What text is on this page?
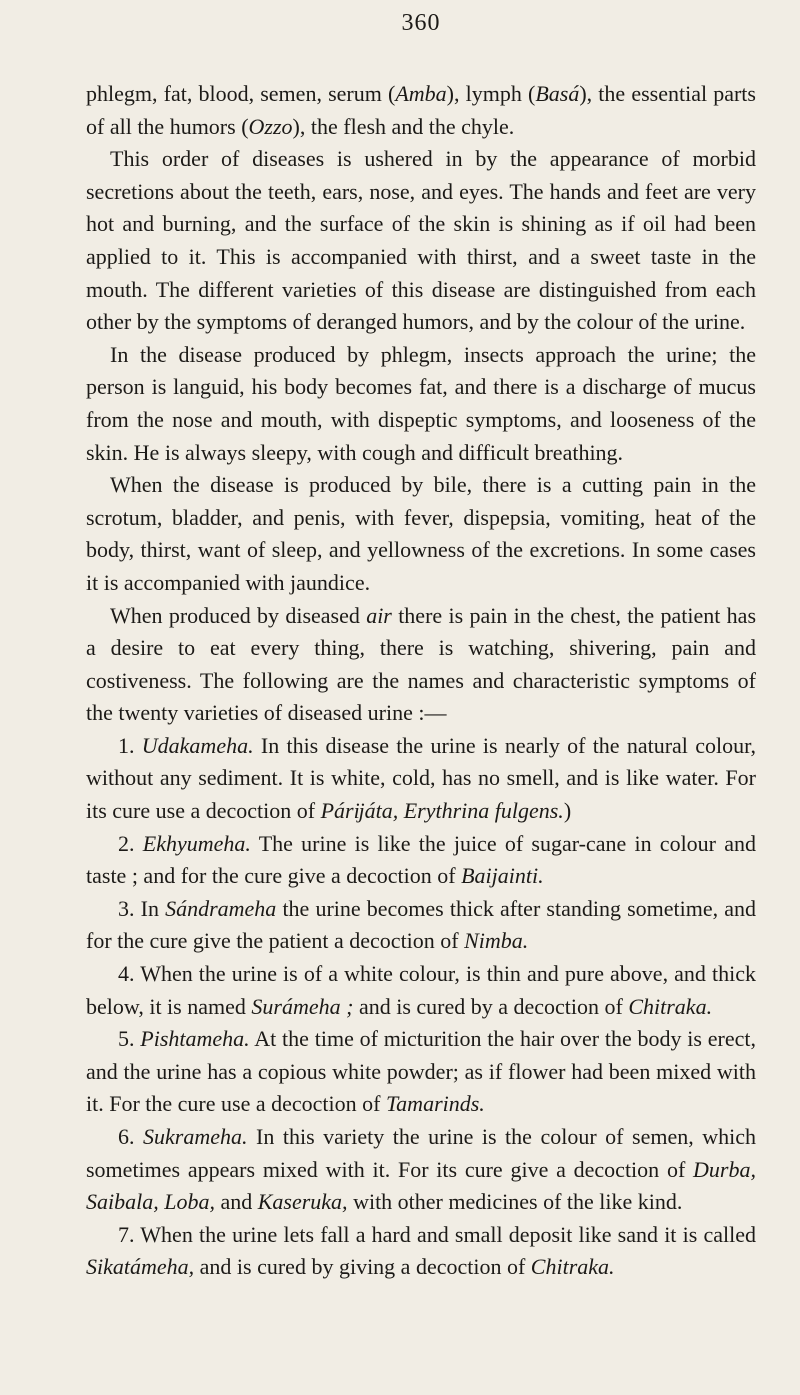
360

phlegm, fat, blood, semen, serum (Amba), lymph (Basá), the essential parts of all the humors (Ozzo), the flesh and the chyle.

This order of diseases is ushered in by the appearance of morbid secretions about the teeth, ears, nose, and eyes. The hands and feet are very hot and burning, and the surface of the skin is shining as if oil had been applied to it. This is accompanied with thirst, and a sweet taste in the mouth. The different varieties of this disease are distinguished from each other by the symptoms of deranged humors, and by the colour of the urine.

In the disease produced by phlegm, insects approach the urine; the person is languid, his body becomes fat, and there is a discharge of mucus from the nose and mouth, with dispeptic symptoms, and looseness of the skin. He is always sleepy, with cough and difficult breathing.

When the disease is produced by bile, there is a cutting pain in the scrotum, bladder, and penis, with fever, dispepsia, vomiting, heat of the body, thirst, want of sleep, and yellowness of the excretions. In some cases it is accompanied with jaundice.

When produced by diseased air there is pain in the chest, the patient has a desire to eat every thing, there is watching, shivering, pain and costiveness. The following are the names and characteristic symptoms of the twenty varieties of diseased urine :—

1. Udakameha. In this disease the urine is nearly of the natural colour, without any sediment. It is white, cold, has no smell, and is like water. For its cure use a decoction of Párĳáta, Erythrina fulgens.)

2. Ekhyumeha. The urine is like the juice of sugar-cane in colour and taste ; and for the cure give a decoction of Baijainti.

3. In Sándrameha the urine becomes thick after standing sometime, and for the cure give the patient a decoction of Nimba.

4. When the urine is of a white colour, is thin and pure above, and thick below, it is named Surámeha ; and is cured by a decoction of Chitraka.

5. Pishtameha. At the time of micturition the hair over the body is erect, and the urine has a copious white powder; as if flower had been mixed with it. For the cure use a decoction of Tamarinds.

6. Sukrameha. In this variety the urine is the colour of semen, which sometimes appears mixed with it. For its cure give a decoction of Durba, Saibala, Loba, and Kaseruka, with other medicines of the like kind.

7. When the urine lets fall a hard and small deposit like sand it is called Sikatámeha, and is cured by giving a decoction of Chitraka.
